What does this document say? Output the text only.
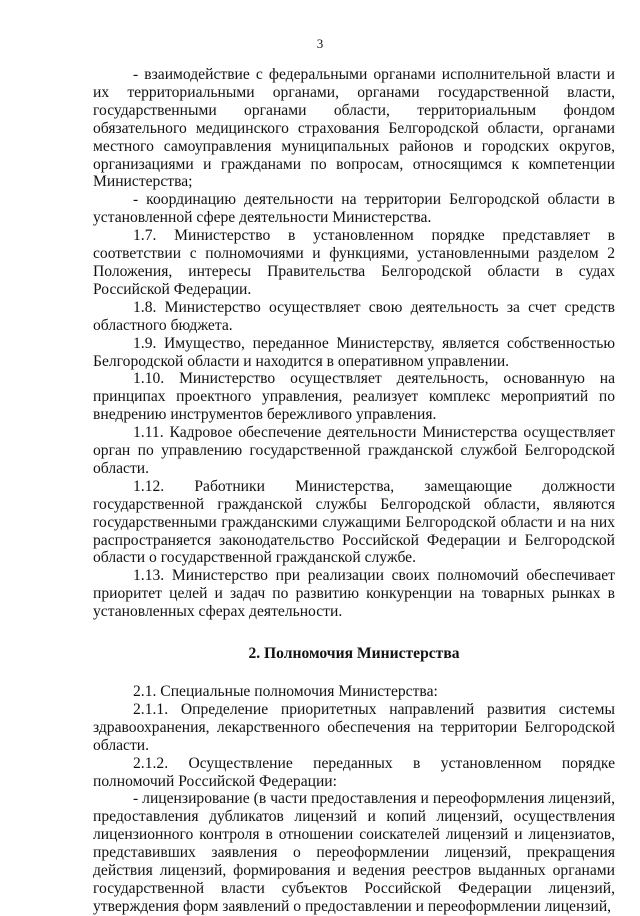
3

- взаимодействие с федеральными органами исполнительной власти и их территориальными органами, органами государственной власти, государственными органами области, территориальным фондом обязательного медицинского страхования Белгородской области, органами местного самоуправления муниципальных районов и городских округов, организациями и гражданами по вопросам, относящимся к компетенции Министерства;

- координацию деятельности на территории Белгородской области в установленной сфере деятельности Министерства.

1.7. Министерство в установленном порядке представляет в соответствии с полномочиями и функциями, установленными разделом 2 Положения, интересы Правительства Белгородской области в судах Российской Федерации.

1.8. Министерство осуществляет свою деятельность за счет средств областного бюджета.

1.9. Имущество, переданное Министерству, является собственностью Белгородской области и находится в оперативном управлении.

1.10. Министерство осуществляет деятельность, основанную на принципах проектного управления, реализует комплекс мероприятий по внедрению инструментов бережливого управления.

1.11. Кадровое обеспечение деятельности Министерства осуществляет орган по управлению государственной гражданской службой Белгородской области.

1.12. Работники Министерства, замещающие должности государственной гражданской службы Белгородской области, являются государственными гражданскими служащими Белгородской области и на них распространяется законодательство Российской Федерации и Белгородской области о государственной гражданской службе.

1.13. Министерство при реализации своих полномочий обеспечивает приоритет целей и задач по развитию конкуренции на товарных рынках в установленных сферах деятельности.

2. Полномочия Министерства

2.1. Специальные полномочия Министерства:

2.1.1. Определение приоритетных направлений развития системы здравоохранения, лекарственного обеспечения на территории Белгородской области.

2.1.2. Осуществление переданных в установленном порядке полномочий Российской Федерации:

- лицензирование (в части предоставления и переоформления лицензий, предоставления дубликатов лицензий и копий лицензий, осуществления лицензионного контроля в отношении соискателей лицензий и лицензиатов, представивших заявления о переоформлении лицензий, прекращения действия лицензий, формирования и ведения реестров выданных органами государственной власти субъектов Российской Федерации лицензий, утверждения форм заявлений о предоставлении и переоформлении лицензий,
